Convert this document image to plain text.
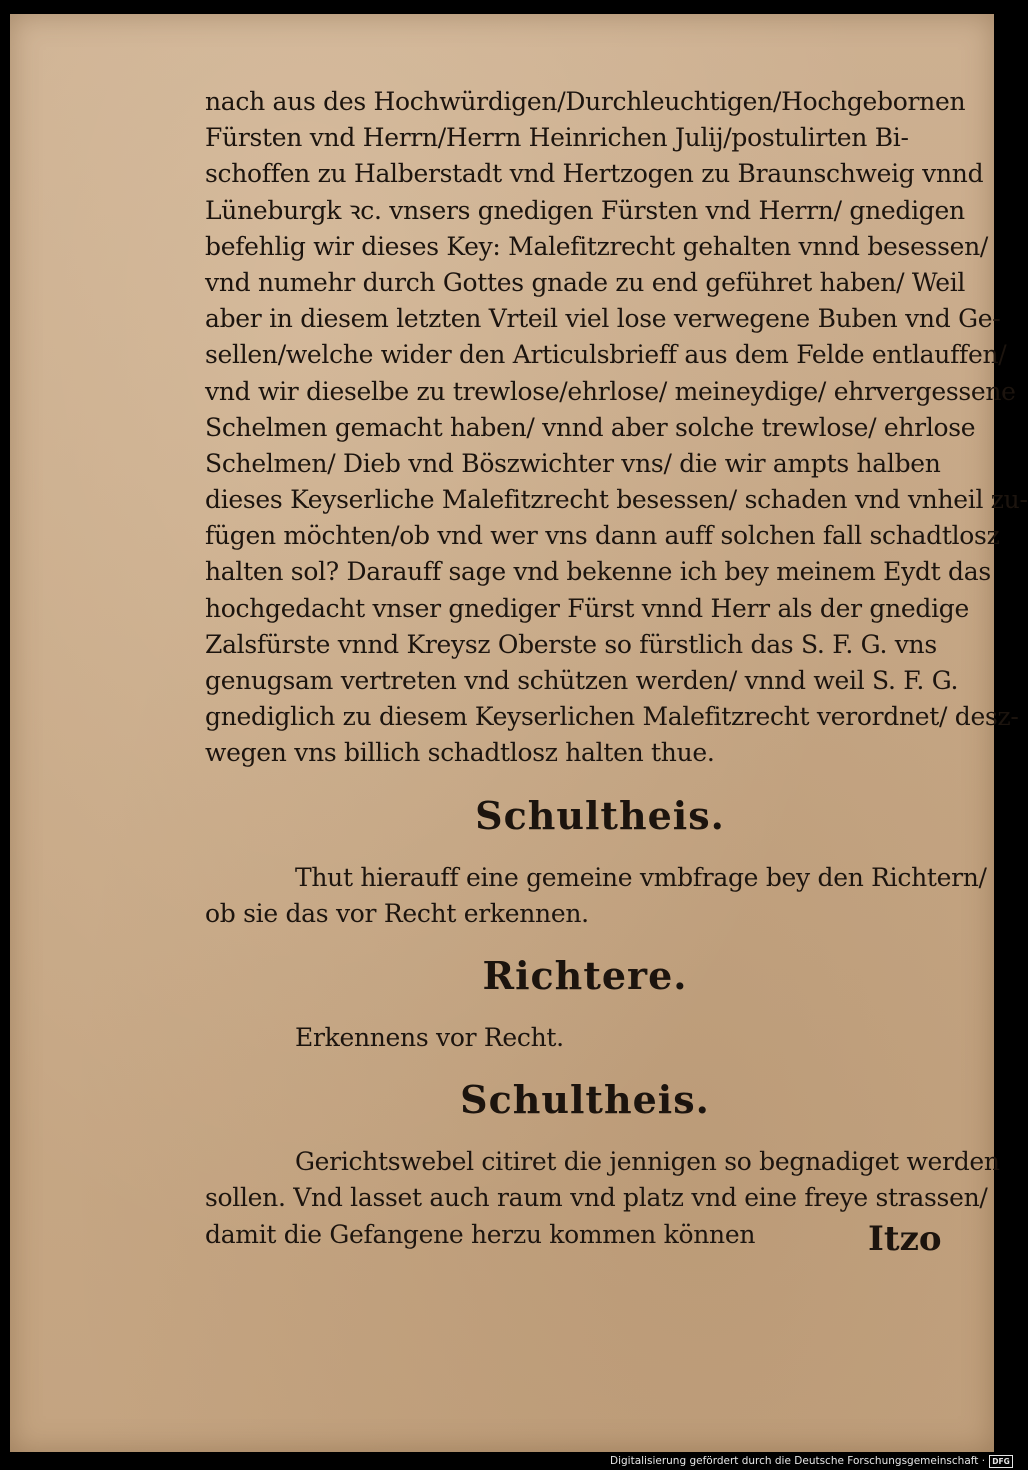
nach aus des Hochwürdigen/Durchleuchtigen/Hochgebornen
Fürsten vnd Herrn/Herrn Heinrichen Julij/postulirten Bi-
schoffen zu Halberstadt vnd Hertzogen zu Braunschweig vnnd
Lüneburgk ꝛc. vnsers gnedigen Fürsten vnd Herrn/ gnedigen
befehlig wir dieses Key: Malefitzrecht gehalten vnnd besessen/
vnd numehr durch Gottes gnade zu end geführet haben/ Weil
aber in diesem letzten Vrteil viel lose verwegene Buben vnd Ge-
sellen/welche wider den Articulsbrieff aus dem Felde entlauffen/
vnd wir dieselbe zu trewlose/ehrlose/ meineydige/ ehrvergessene
Schelmen gemacht haben/ vnnd aber solche trewlose/ ehrlose
Schelmen/ Dieb vnd Böszwichter vns/ die wir ampts halben
dieses Keyserliche Malefitzrecht besessen/ schaden vnd vnheil zu-
fügen möchten/ob vnd wer vns dann auff solchen fall schadtlosz
halten sol? Darauff sage vnd bekenne ich bey meinem Eydt das
hochgedacht vnser gnediger Fürst vnnd Herr als der gnedige
Zalsfürste vnnd Kreysz Oberste so fürstlich das S. F. G. vns
genugsam vertreten vnd schützen werden/ vnnd weil S. F. G.
gnediglich zu diesem Keyserlichen Malefitzrecht verordnet/ desz-
wegen vns billich schadtlosz halten thue.
Schultheis.
Thut hierauff eine gemeine vmbfrage bey den Richtern/
ob sie das vor Recht erkennen.
Richtere.
Erkennens vor Recht.
Schultheis.
Gerichtswebel citiret die jennigen so begnadiget werden
sollen. Vnd lasset auch raum vnd platz vnd eine freye strassen/
damit die Gefangene herzu kommen können	Itzo
Digitalisierung gefördert durch die Deutsche Forschungsgemeinschaft · DFG
